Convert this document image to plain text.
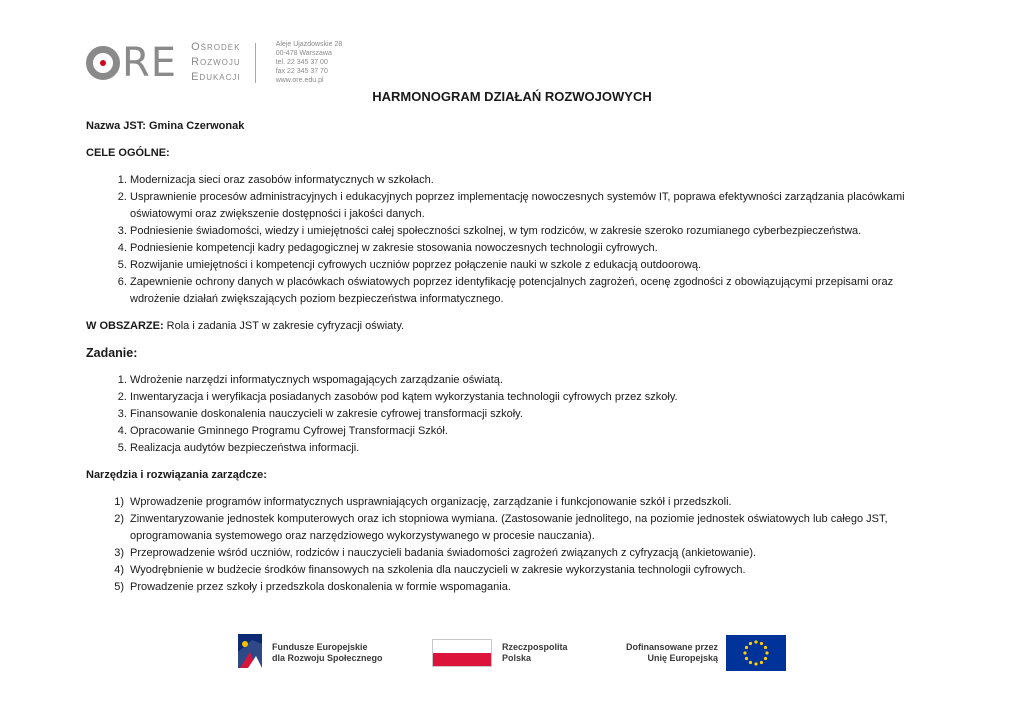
RE Ośrodek
Rozwoju
Edukacji
Aleje Ujazdowskie 28
00-478 Warszawa
tel. 22 345 37 00
fax 22 345 37 70
www.ore.edu.pl
HARMONOGRAM DZIAŁAŃ ROZWOJOWYCH

Nazwa JST: Gmina Czerwonak

CELE OGÓLNE:

1. Modernizacja sieci oraz zasobów informatycznych w szkołach.
2. Usprawnienie procesów administracyjnych i edukacyjnych poprzez implementację nowoczesnych systemów IT, poprawa efektywności zarządzania placówkami oświatowymi oraz zwiększenie dostępności i jakości danych.
3. Podniesienie świadomości, wiedzy i umiejętności całej społeczności szkolnej, w tym rodziców, w zakresie szeroko rozumianego cyberbezpieczeństwa.
4. Podniesienie kompetencji kadry pedagogicznej w zakresie stosowania nowoczesnych technologii cyfrowych.
5. Rozwijanie umiejętności i kompetencji cyfrowych uczniów poprzez połączenie nauki w szkole z edukacją outdoorową.
6. Zapewnienie ochrony danych w placówkach oświatowych poprzez identyfikację potencjalnych zagrożeń, ocenę zgodności z obowiązującymi przepisami oraz wdrożenie działań zwiększających poziom bezpieczeństwa informatycznego.

W OBSZARZE: Rola i zadania JST w zakresie cyfryzacji oświaty.

Zadanie:

1. Wdrożenie narzędzi informatycznych wspomagających zarządzanie oświatą.
2. Inwentaryzacja i weryfikacja posiadanych zasobów pod kątem wykorzystania technologii cyfrowych przez szkoły.
3. Finansowanie doskonalenia nauczycieli w zakresie cyfrowej transformacji szkoły.
4. Opracowanie Gminnego Programu Cyfrowej Transformacji Szkół.
5. Realizacja audytów bezpieczeństwa informacji.

Narzędzia i rozwiązania zarządcze:

Wprowadzenie programów informatycznych usprawniających organizację, zarządzanie i funkcjonowanie szkół i przedszkoli.
Zinwentaryzowanie jednostek komputerowych oraz ich stopniowa wymiana. (Zastosowanie jednolitego, na poziomie jednostek oświatowych lub całego JST, oprogramowania systemowego oraz narzędziowego wykorzystywanego w procesie nauczania).
Przeprowadzenie wśród uczniów, rodziców i nauczycieli badania świadomości zagrożeń związanych z cyfryzacją (ankietowanie).
Wyodrębnienie w budżecie środków finansowych na szkolenia dla nauczycieli w zakresie wykorzystania technologii cyfrowych.
Prowadzenie przez szkoły i przedszkola doskonalenia w formie wspomagania.
Fundusze Europejskie
dla Rozwoju Społecznego
Rzeczpospolita
Polska
Dofinansowane przez
Unię Europejską
